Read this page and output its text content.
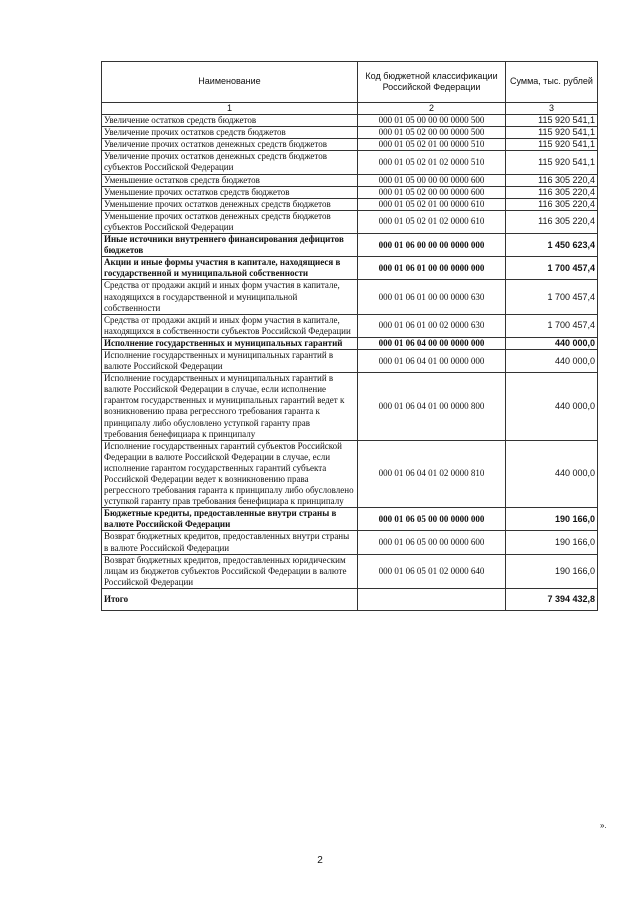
Наименование	Код бюджетной классификации Российской Федерации	Сумма, тыс. рублей
1	2	3
Увеличение остатков средств бюджетов	000 01 05 00 00 00 0000 500	115 920 541,1
Увеличение прочих остатков средств бюджетов	000 01 05 02 00 00 0000 500	115 920 541,1
Увеличение прочих остатков денежных средств бюджетов	000 01 05 02 01 00 0000 510	115 920 541,1
Увеличение прочих остатков денежных средств бюджетов субъектов Российской Федерации	000 01 05 02 01 02 0000 510	115 920 541,1
Уменьшение остатков средств бюджетов	000 01 05 00 00 00 0000 600	116 305 220,4
Уменьшение прочих остатков средств бюджетов	000 01 05 02 00 00 0000 600	116 305 220,4
Уменьшение прочих остатков денежных средств бюджетов	000 01 05 02 01 00 0000 610	116 305 220,4
Уменьшение прочих остатков денежных средств бюджетов субъектов Российской Федерации	000 01 05 02 01 02 0000 610	116 305 220,4
Иные источники внутреннего финансирования дефицитов бюджетов	000 01 06 00 00 00 0000 000	1 450 623,4
Акции и иные формы участия в капитале, находящиеся в государственной и муниципальной собственности	000 01 06 01 00 00 0000 000	1 700 457,4
Средства от продажи акций и иных форм участия в капитале, находящихся в государственной и муниципальной собственности	000 01 06 01 00 00 0000 630	1 700 457,4
Средства от продажи акций и иных форм участия в капитале, находящихся в собственности субъектов Российской Федерации	000 01 06 01 00 02 0000 630	1 700 457,4
Исполнение государственных и муниципальных гарантий	000 01 06 04 00 00 0000 000	440 000,0
Исполнение государственных и муниципальных гарантий в валюте Российской Федерации	000 01 06 04 01 00 0000 000	440 000,0
Исполнение государственных и муниципальных гарантий в валюте Российской Федерации в случае, если исполнение гарантом государственных и муниципальных гарантий ведет к возникновению права регрессного требования гаранта к принципалу либо обусловлено уступкой гаранту прав требования бенефициара к принципалу	000 01 06 04 01 00 0000 800	440 000,0
Исполнение государственных гарантий субъектов Российской Федерации в валюте Российской Федерации в случае, если исполнение гарантом государственных гарантий субъекта Российской Федерации ведет к возникновению права регрессного требования гаранта к принципалу либо обусловлено уступкой гаранту прав требования бенефициара к принципалу	000 01 06 04 01 02 0000 810	440 000,0
Бюджетные кредиты, предоставленные внутри страны в валюте Российской Федерации	000 01 06 05 00 00 0000 000	190 166,0
Возврат бюджетных кредитов, предоставленных внутри страны в валюте Российской Федерации	000 01 06 05 00 00 0000 600	190 166,0
Возврат бюджетных кредитов, предоставленных юридическим лицам из бюджетов субъектов Российской Федерации в валюте Российской Федерации	000 01 06 05 01 02 0000 640	190 166,0
Итого		7 394 432,8
».
2
